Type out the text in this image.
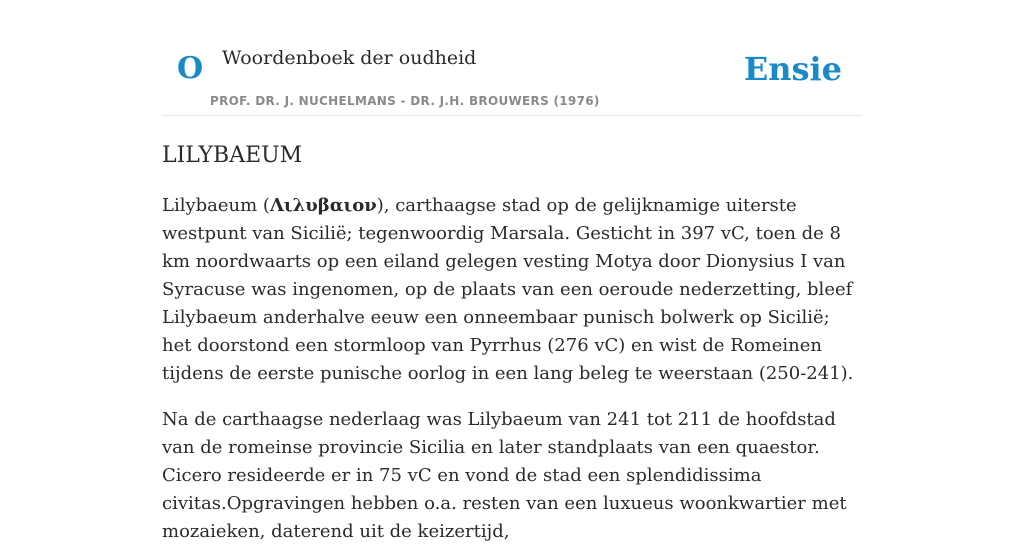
O Woordenboek der oudheid	Ensie
PROF. DR. J. NUCHELMANS - DR. J.H. BROUWERS (1976)
LILYBAEUM

Lilybaeum (Λιλυβαιον), carthaagse stad op de gelijknamige uiterste westpunt van Sicilië; tegenwoordig Marsala. Gesticht in 397 vC, toen de 8 km noordwaarts op een eiland gelegen vesting Motya door Dionysius I van Syracuse was ingenomen, op de plaats van een oeroude nederzetting, bleef Lilybaeum anderhalve eeuw een onneembaar punisch bolwerk op Sicilië; het doorstond een stormloop van Pyrrhus (276 vC) en wist de Romeinen tijdens de eerste punische oorlog in een lang beleg te weerstaan (250-241).

Na de carthaagse nederlaag was Lilybaeum van 241 tot 211 de hoofdstad van de romeinse provincie Sicilia en later standplaats van een quaestor. Cicero resideerde er in 75 vC en vond de stad een splendidissima civitas.Opgravingen hebben o.a. resten van een luxueus woonkwartier met mozaieken, daterend uit de keizertijd,
